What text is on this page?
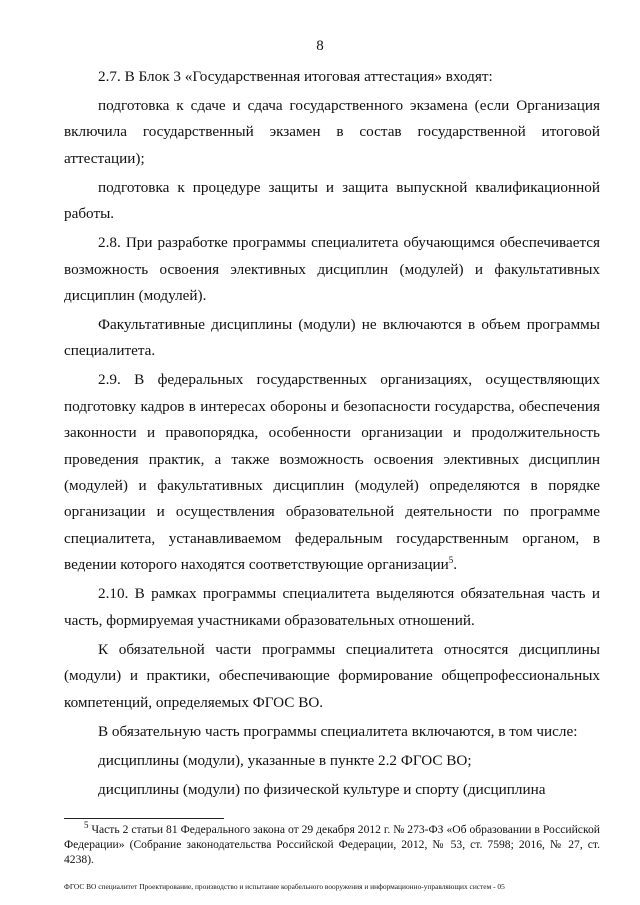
8

2.7. В Блок 3 «Государственная итоговая аттестация» входят:

подготовка к сдаче и сдача государственного экзамена (если Организация включила государственный экзамен в состав государственной итоговой аттестации);

подготовка к процедуре защиты и защита выпускной квалификационной работы.

2.8. При разработке программы специалитета обучающимся обеспечивается возможность освоения элективных дисциплин (модулей) и факультативных дисциплин (модулей).

Факультативные дисциплины (модули) не включаются в объем программы специалитета.

2.9. В федеральных государственных организациях, осуществляющих подготовку кадров в интересах обороны и безопасности государства, обеспечения законности и правопорядка, особенности организации и продолжительность проведения практик, а также возможность освоения элективных дисциплин (модулей) и факультативных дисциплин (модулей) определяются в порядке организации и осуществления образовательной деятельности по программе специалитета, устанавливаемом федеральным государственным органом, в ведении которого находятся соответствующие организации$^5$.

2.10. В рамках программы специалитета выделяются обязательная часть и часть, формируемая участниками образовательных отношений.

К обязательной части программы специалитета относятся дисциплины (модули) и практики, обеспечивающие формирование общепрофессиональных компетенций, определяемых ФГОС ВО.

В обязательную часть программы специалитета включаются, в том числе:

дисциплины (модули), указанные в пункте 2.2 ФГОС ВО;

дисциплины (модули) по физической культуре и спорту (дисциплина

$^5$ Часть 2 статьи 81 Федерального закона от 29 декабря 2012 г. № 273-ФЗ «Об образовании в Российской Федерации» (Собрание законодательства Российской Федерации, 2012, № 53, ст. 7598; 2016, № 27, ст. 4238).
ФГОС ВО специалитет Проектирование, производство и испытание корабельного вооружения и информационно-управляющих систем - 05
